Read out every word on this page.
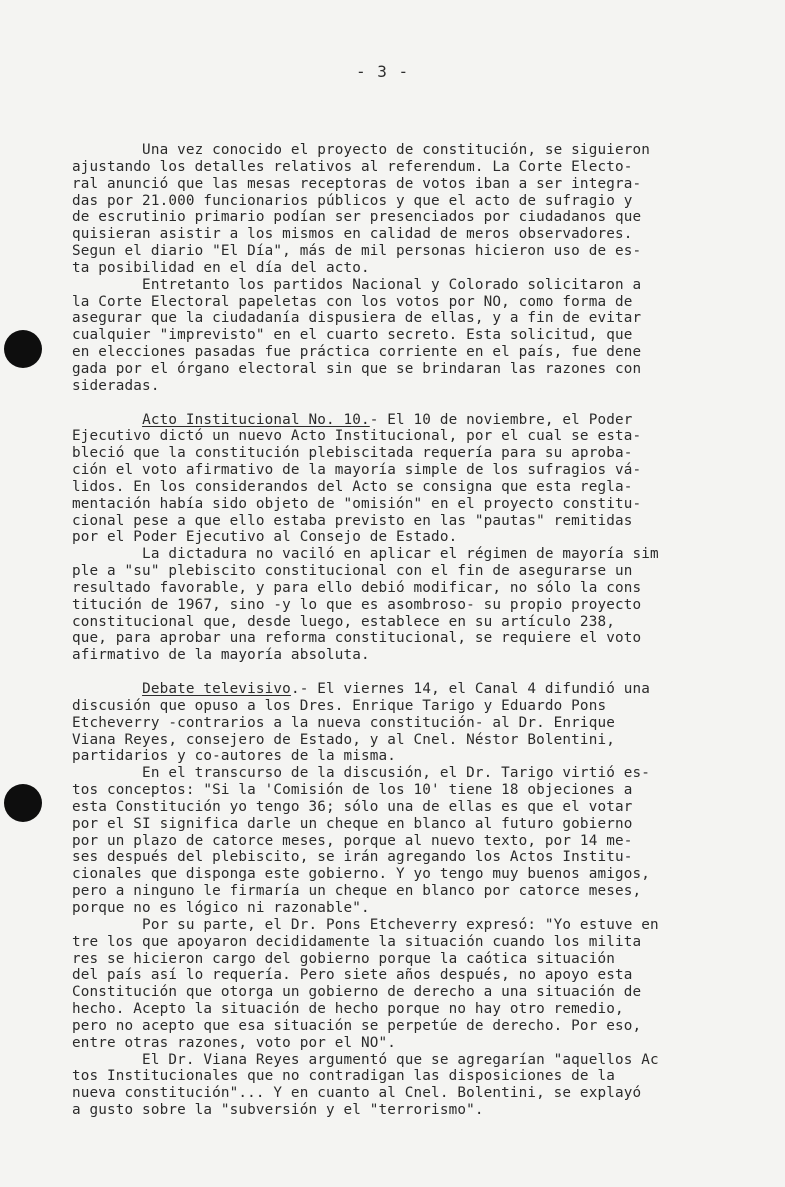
- 3 -
Una vez conocido el proyecto de constitución, se siguieron
ajustando los detalles relativos al referendum. La Corte Electo-
ral anunció que las mesas receptoras de votos iban a ser integra-
das por 21.000 funcionarios públicos y que el acto de sufragio y
de escrutinio primario podían ser presenciados por ciudadanos que
quisieran asistir a los mismos en calidad de meros observadores.
Segun el diario "El Día", más de mil personas hicieron uso de es-
ta posibilidad en el día del acto.
Entretanto los partidos Nacional y Colorado solicitaron a
la Corte Electoral papeletas con los votos por NO, como forma de
asegurar que la ciudadanía dispusiera de ellas, y a fin de evitar
cualquier "imprevisto" en el cuarto secreto. Esta solicitud, que
en elecciones pasadas fue práctica corriente en el país, fue dene
gada por el órgano electoral sin que se brindaran las razones con
sideradas.
Acto Institucional No. 10.- El 10 de noviembre, el Poder
Ejecutivo dictó un nuevo Acto Institucional, por el cual se esta-
bleció que la constitución plebiscitada requería para su aproba-
ción el voto afirmativo de la mayoría simple de los sufragios vá-
lidos. En los considerandos del Acto se consigna que esta regla-
mentación había sido objeto de "omisión" en el proyecto constitu-
cional pese a que ello estaba previsto en las "pautas" remitidas
por el Poder Ejecutivo al Consejo de Estado.
La dictadura no vaciló en aplicar el régimen de mayoría sim
ple a "su" plebiscito constitucional con el fin de asegurarse un
resultado favorable, y para ello debió modificar, no sólo la cons
titución de 1967, sino -y lo que es asombroso- su propio proyecto
constitucional que, desde luego, establece en su artículo 238,
que, para aprobar una reforma constitucional, se requiere el voto
afirmativo de la mayoría absoluta.
Debate televisivo.- El viernes 14, el Canal 4 difundió una
discusión que opuso a los Dres. Enrique Tarigo y Eduardo Pons
Etcheverry -contrarios a la nueva constitución- al Dr. Enrique
Viana Reyes, consejero de Estado, y al Cnel. Néstor Bolentini,
partidarios y co-autores de la misma.
En el transcurso de la discusión, el Dr. Tarigo virtió es-
tos conceptos: "Si la 'Comisión de los 10' tiene 18 objeciones a
esta Constitución yo tengo 36; sólo una de ellas es que el votar
por el SI significa darle un cheque en blanco al futuro gobierno
por un plazo de catorce meses, porque al nuevo texto, por 14 me-
ses después del plebiscito, se irán agregando los Actos Institu-
cionales que disponga este gobierno. Y yo tengo muy buenos amigos,
pero a ninguno le firmaría un cheque en blanco por catorce meses,
porque no es lógico ni razonable".
Por su parte, el Dr. Pons Etcheverry expresó: "Yo estuve en
tre los que apoyaron decididamente la situación cuando los milita
res se hicieron cargo del gobierno porque la caótica situación
del país así lo requería. Pero siete años después, no apoyo esta
Constitución que otorga un gobierno de derecho a una situación de
hecho. Acepto la situación de hecho porque no hay otro remedio,
pero no acepto que esa situación se perpetúe de derecho. Por eso,
entre otras razones, voto por el NO".
El Dr. Viana Reyes argumentó que se agregarían "aquellos Ac
tos Institucionales que no contradigan las disposiciones de la
nueva constitución"... Y en cuanto al Cnel. Bolentini, se explayó
a gusto sobre la "subversión y el "terrorismo".
